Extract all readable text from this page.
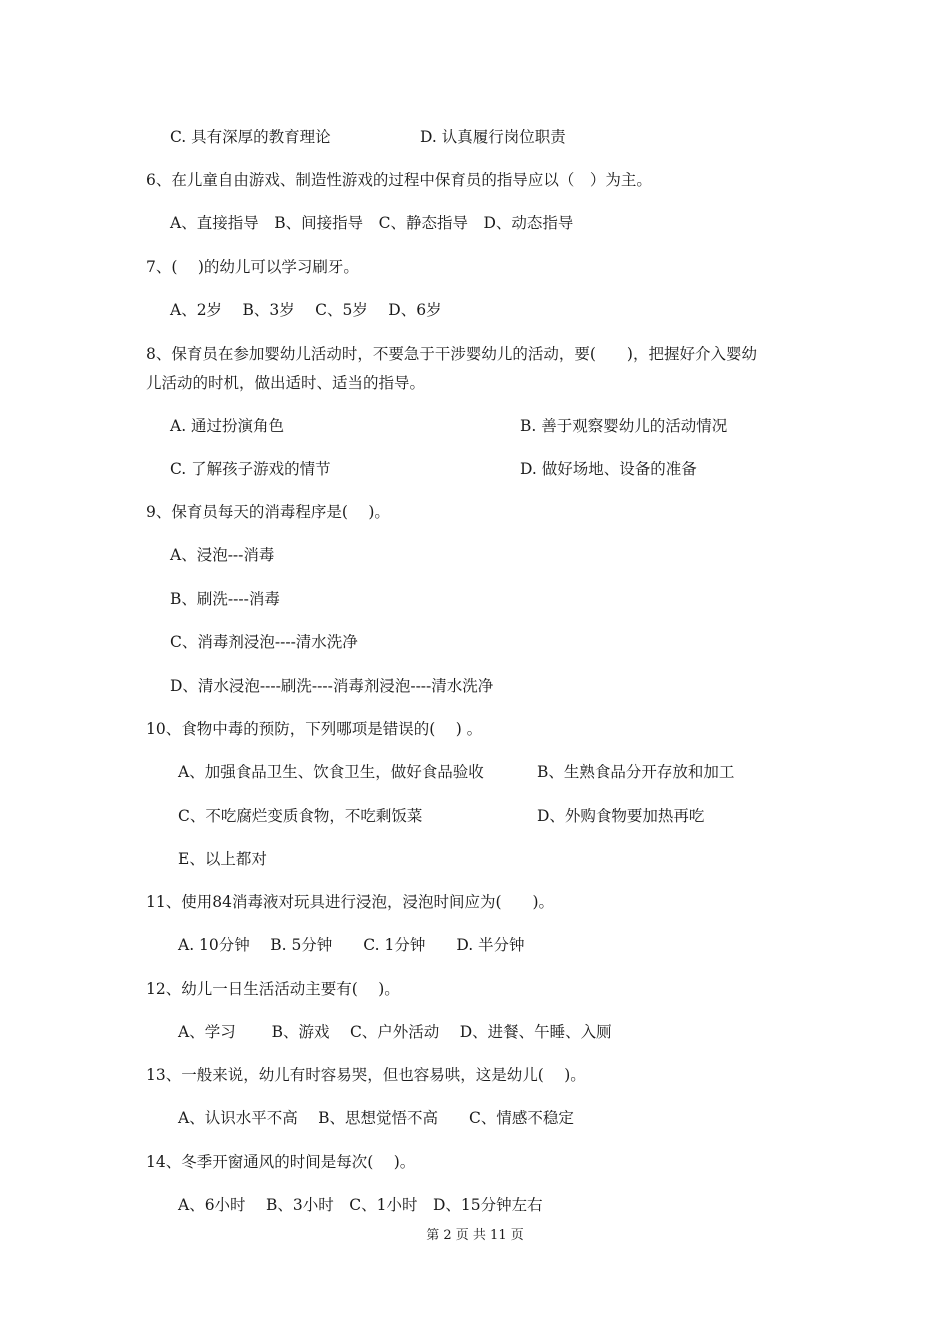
C. 具有深厚的教育理论	D. 认真履行岗位职责
6、在儿童自由游戏、制造性游戏的过程中保育员的指导应以（　）为主。
A、直接指导　B、间接指导　C、静态指导　D、动态指导
7、(　 )的幼儿可以学习刷牙。
A、2岁　 B、3岁　 C、5岁　 D、6岁
8、保育员在参加婴幼儿活动时，不要急于干涉婴幼儿的活动，要(　　)，把握好介入婴幼
儿活动的时机，做出适时、适当的指导。
A. 通过扮演角色	B. 善于观察婴幼儿的活动情况
C. 了解孩子游戏的情节	D. 做好场地、设备的准备
9、保育员每天的消毒程序是(　 )。
A、浸泡---消毒
B、刷洗----消毒
C、消毒剂浸泡----清水洗净
D、清水浸泡----刷洗----消毒剂浸泡----清水洗净
10、食物中毒的预防，下列哪项是错误的(　 ) 。
A、加强食品卫生、饮食卫生，做好食品验收	B、生熟食品分开存放和加工
C、不吃腐烂变质食物，不吃剩饭菜	D、外购食物要加热再吃
E、以上都对
11、使用84消毒液对玩具进行浸泡，浸泡时间应为(　　)。
A. 10分钟　 B. 5分钟　　C. 1分钟　　D. 半分钟
12、幼儿一日生活活动主要有(　 )。
A、学习　　 B、游戏　 C、户外活动　 D、进餐、午睡、入厕
13、一般来说，幼儿有时容易哭，但也容易哄，这是幼儿(　 )。
A、认识水平不高　 B、思想觉悟不高　　C、情感不稳定
14、冬季开窗通风的时间是每次(　 )。
A、6小时　 B、3小时　C、1小时　D、15分钟左右
第 2 页 共 11 页
